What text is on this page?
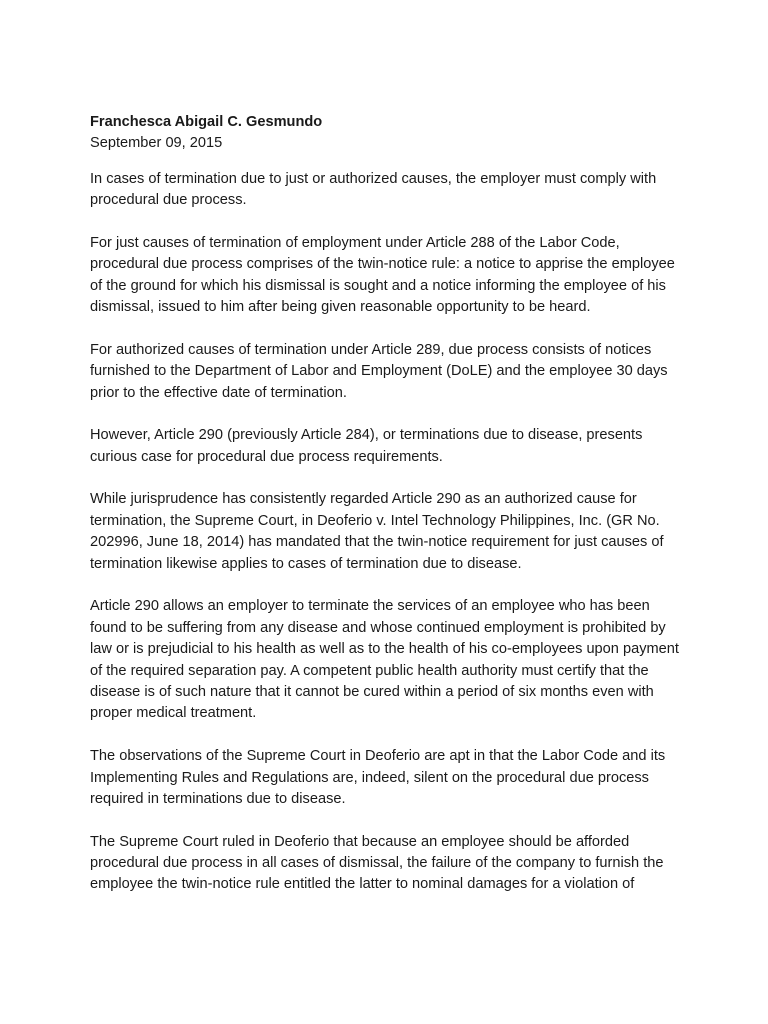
Franchesca Abigail C. Gesmundo

September 09, 2015

In cases of termination due to just or authorized causes, the employer must comply with procedural due process.

For just causes of termination of employment under Article 288 of the Labor Code, procedural due process comprises of the twin-notice rule: a notice to apprise the employee of the ground for which his dismissal is sought and a notice informing the employee of his dismissal, issued to him after being given reasonable opportunity to be heard.

For authorized causes of termination under Article 289, due process consists of notices furnished to the Department of Labor and Employment (DoLE) and the employee 30 days prior to the effective date of termination.

However, Article 290 (previously Article 284), or terminations due to disease, presents curious case for procedural due process requirements.

While jurisprudence has consistently regarded Article 290 as an authorized cause for termination, the Supreme Court, in Deoferio v. Intel Technology Philippines, Inc. (GR No. 202996, June 18, 2014) has mandated that the twin-notice requirement for just causes of termination likewise applies to cases of termination due to disease.

Article 290 allows an employer to terminate the services of an employee who has been found to be suffering from any disease and whose continued employment is prohibited by law or is prejudicial to his health as well as to the health of his co-employees upon payment of the required separation pay. A competent public health authority must certify that the disease is of such nature that it cannot be cured within a period of six months even with proper medical treatment.

The observations of the Supreme Court in Deoferio are apt in that the Labor Code and its Implementing Rules and Regulations are, indeed, silent on the procedural due process required in terminations due to disease.

The Supreme Court ruled in Deoferio that because an employee should be afforded procedural due process in all cases of dismissal, the failure of the company to furnish the employee the twin-notice rule entitled the latter to nominal damages for a violation of
